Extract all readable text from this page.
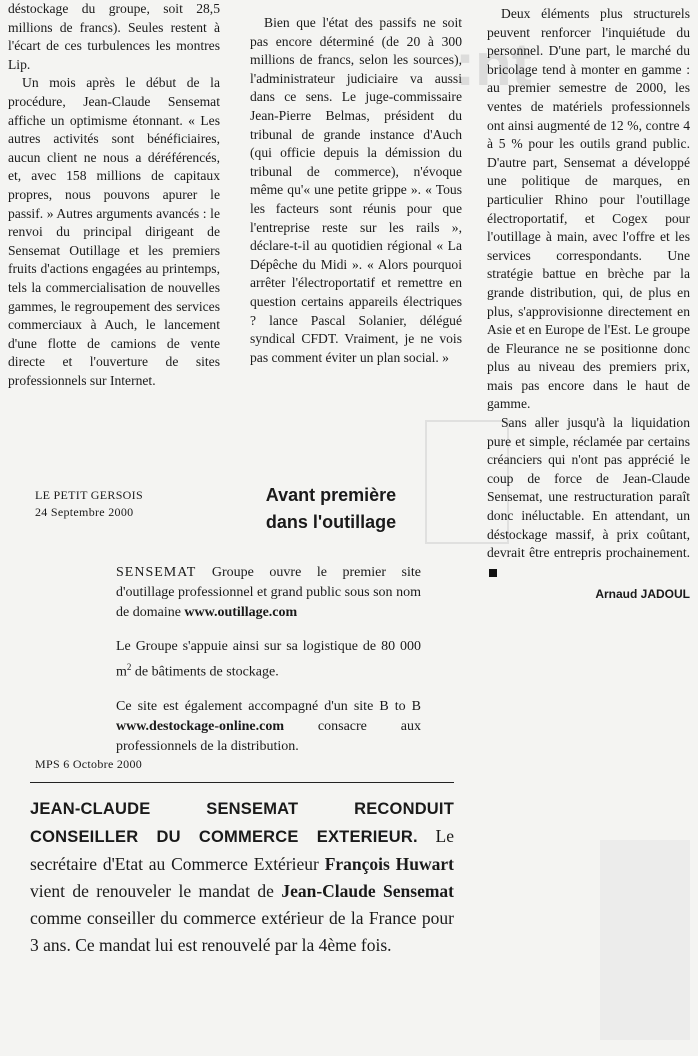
:nt

déstockage du groupe, soit 28,5 millions de francs). Seules restent à l'écart de ces turbulences les montres Lip.

Un mois après le début de la procédure, Jean-Claude Sensemat affiche un optimisme étonnant. « Les autres activités sont bénéficiaires, aucun client ne nous a déréférencés, et, avec 158 millions de capitaux propres, nous pouvons apurer le passif. » Autres arguments avancés : le renvoi du principal dirigeant de Sensemat Outillage et les premiers fruits d'actions engagées au printemps, tels la commercialisation de nouvelles gammes, le regroupement des services commerciaux à Auch, le lancement d'une flotte de camions de vente directe et l'ouverture de sites professionnels sur Internet.

Bien que l'état des passifs ne soit pas encore déterminé (de 20 à 300 millions de francs, selon les sources), l'administrateur judiciaire va aussi dans ce sens. Le juge-commissaire Jean-Pierre Belmas, président du tribunal de grande instance d'Auch (qui officie depuis la démission du tribunal de commerce), n'évoque même qu'« une petite grippe ». « Tous les facteurs sont réunis pour que l'entreprise reste sur les rails », déclare-t-il au quotidien régional « La Dépêche du Midi ». « Alors pourquoi arrêter l'électroportatif et remettre en question certains appareils électriques ? lance Pascal Solanier, délégué syndical CFDT. Vraiment, je ne vois pas comment éviter un plan social. »

Deux éléments plus structurels peuvent renforcer l'inquiétude du personnel. D'une part, le marché du bricolage tend à monter en gamme : au premier semestre de 2000, les ventes de matériels professionnels ont ainsi augmenté de 12 %, contre 4 à 5 % pour les outils grand public. D'autre part, Sensemat a développé une politique de marques, en particulier Rhino pour l'outillage électroportatif, et Cogex pour l'outillage à main, avec l'offre et les services correspondants. Une stratégie battue en brèche par la grande distribution, qui, de plus en plus, s'approvisionne directement en Asie et en Europe de l'Est. Le groupe de Fleurance ne se positionne donc plus au niveau des premiers prix, mais pas encore dans le haut de gamme.

Sans aller jusqu'à la liquidation pure et simple, réclamée par certains créanciers qui n'ont pas apprécié le coup de force de Jean-Claude Sensemat, une restructuration paraît donc inéluctable. En attendant, un déstockage massif, à prix coûtant, devrait être entrepris prochainement.

Arnaud JADOUL
LE PETIT GERSOIS
24 Septembre 2000
Avant première
dans l'outillage

SENSEMAT Groupe ouvre le premier site d'outillage professionnel et grand public sous son nom de domaine www.outillage.com

Le Groupe s'appuie ainsi sur sa logistique de 80 000 $m^2$ de bâtiments de stockage.

Ce site est également accompagné d'un site B to B www.destockage-online.com consacre aux professionnels de la distribution.

MPS 6 Octobre 2000
JEAN-CLAUDE SENSEMAT RECONDUIT CONSEILLER DU COMMERCE EXTERIEUR. Le secrétaire d'Etat au Commerce Extérieur François Huwart vient de renouveler le mandat de Jean-Claude Sensemat comme conseiller du commerce extérieur de la France pour 3 ans. Ce mandat lui est renouvelé par la 4ème fois.
